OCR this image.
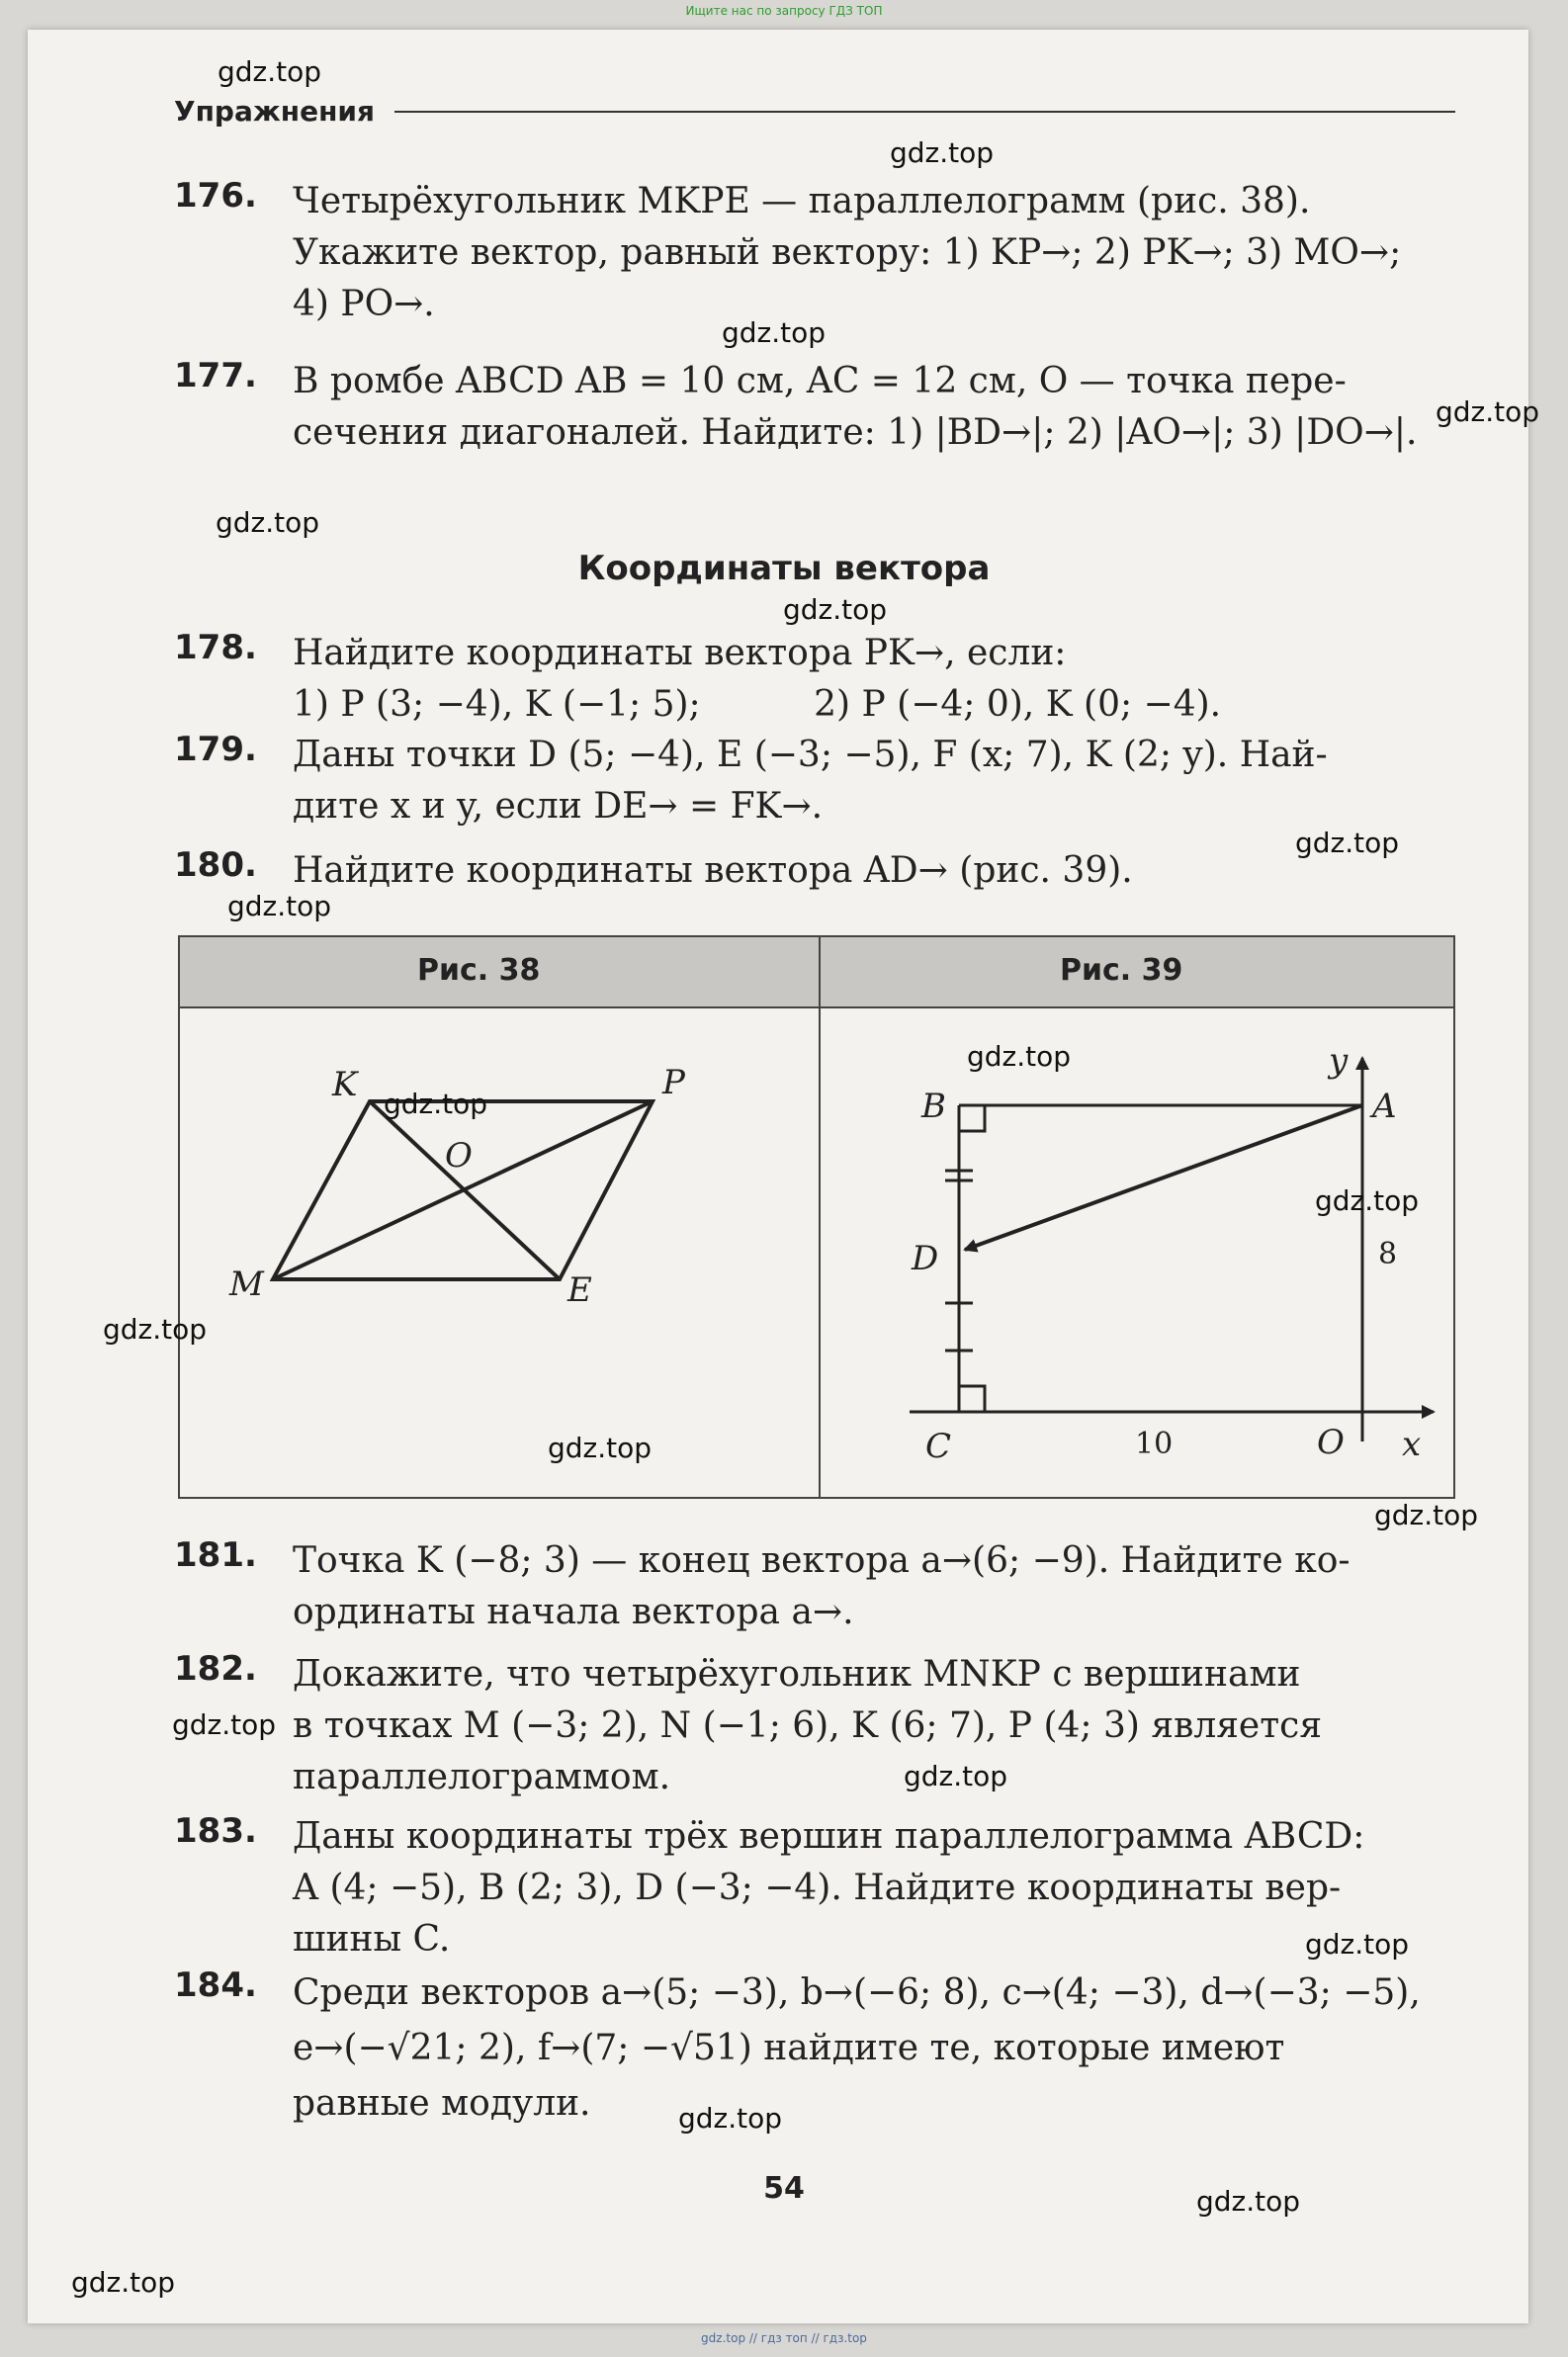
Ищите нас по запросу ГДЗ ТОП
Упражнения
176. Четырёхугольник MKPE — параллелограмм (рис. 38).
Укажите вектор, равный вектору: 1) KP→; 2) PK→; 3) MO→;
4) PO→.
177. В ромбе ABCD AB = 10 см, AC = 12 см, O — точка пере-
сечения диагоналей. Найдите: 1) |BD→|; 2) |AO→|; 3) |DO→|.
Координаты вектора
178. Найдите координаты вектора PK→, если:
1) P (3; −4), K (−1; 5);          2) P (−4; 0), K (0; −4).
179. Даны точки D (5; −4), E (−3; −5), F (x; 7), K (2; y). Най-
дите x и y, если DE→ = FK→.
180. Найдите координаты вектора AD→ (рис. 39).
Рис. 38	Рис. 39
K	P
O
M	E
y
x
A
B
C
D
O
8
10
181. Точка K (−8; 3) — конец вектора a→(6; −9). Найдите ко-
ординаты начала вектора a→.
182. Докажите, что четырёхугольник MNKP с вершинами
в точках M (−3; 2), N (−1; 6), K (6; 7), P (4; 3) является
параллелограммом.
183. Даны координаты трёх вершин параллелограмма ABCD:
A (4; −5), B (2; 3), D (−3; −4). Найдите координаты вер-
шины C.
184. Среди векторов a→(5; −3), b→(−6; 8), c→(4; −3), d→(−3; −5),
e→(−√21; 2), f→(7; −√51) найдите те, которые имеют
равные модули.
54
gdz.top
gdz.top
gdz.top
gdz.top
gdz.top
gdz.top
gdz.top
gdz.top
gdz.top
gdz.top
gdz.top
gdz.top
gdz.top
gdz.top
gdz.top
gdz.top
gdz.top
gdz.top
gdz.top
gdz.top
gdz.top // гдз топ // гдз.top
